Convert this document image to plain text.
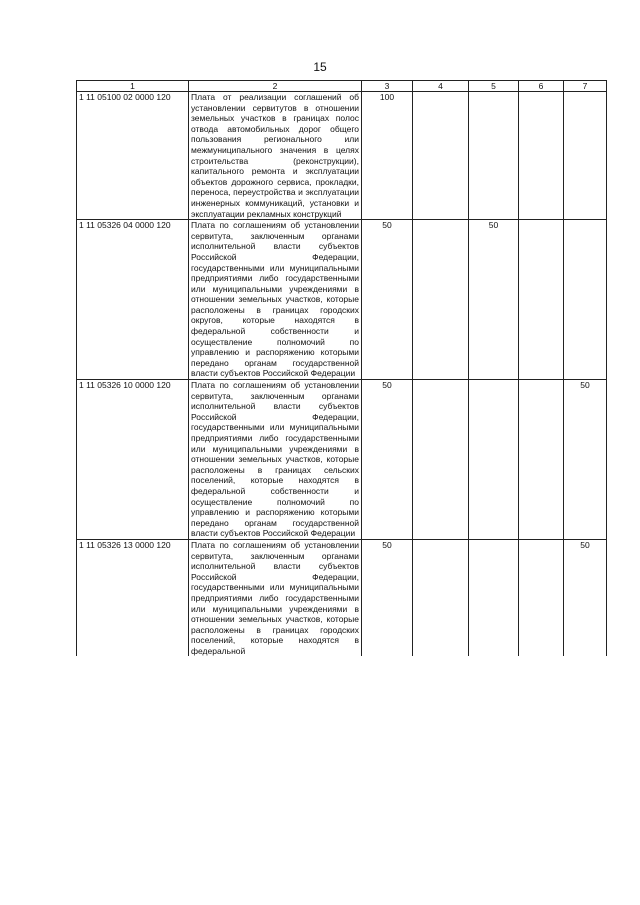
15
1	2	3	4	5	6	7
1 11 05100 02 0000 120	Плата от реализации соглашений об установлении сервитутов в отношении земельных участков в границах полос отвода автомобильных дорог общего пользования регионального или межмуниципального значения в целях строительства (реконструкции), капитального ремонта и эксплуатации объектов дорожного сервиса, прокладки, переноса, переустройства и эксплуатации инженерных коммуникаций, установки и эксплуатации рекламных конструкций	100				
1 11 05326 04 0000 120	Плата по соглашениям об установлении сервитута, заключенным органами исполнительной власти субъектов Российской Федерации, государственными или муниципальными предприятиями либо государственными или муниципальными учреждениями в отношении земельных участков, которые расположены в границах городских округов, которые находятся в федеральной собственности и осуществление полномочий по управлению и распоряжению которыми передано органам государственной власти субъектов Российской Федерации	50		50		
1 11 05326 10 0000 120	Плата по соглашениям об установлении сервитута, заключенным органами исполнительной власти субъектов Российской Федерации, государственными или муниципальными предприятиями либо государственными или муниципальными учреждениями в отношении земельных участков, которые расположены в границах сельских поселений, которые находятся в федеральной собственности и осуществление полномочий по управлению и распоряжению которыми передано органам государственной власти субъектов Российской Федерации	50				50
1 11 05326 13 0000 120	Плата по соглашениям об установлении сервитута, заключенным органами исполнительной власти субъектов Российской Федерации, государственными или муниципальными предприятиями либо государственными или муниципальными учреждениями в отношении земельных участков, которые расположены в границах городских поселений, которые находятся в федеральной	50				50
